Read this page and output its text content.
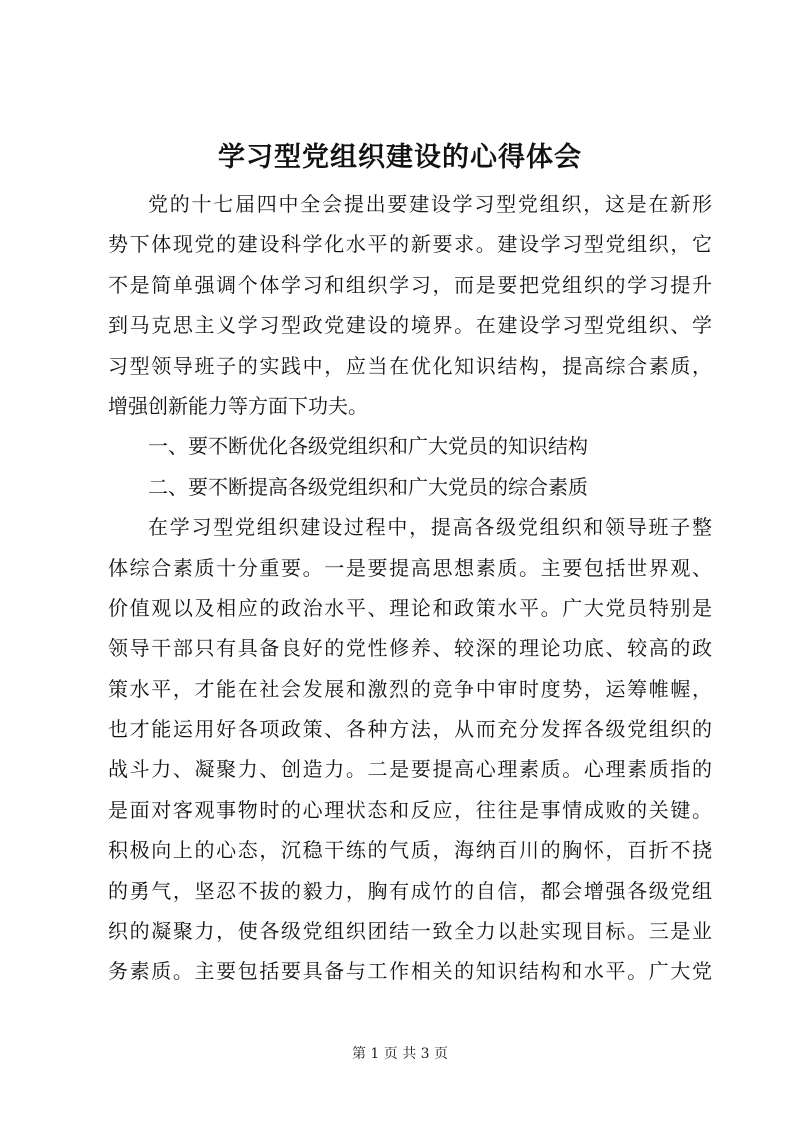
学习型党组织建设的心得体会
党的十七届四中全会提出要建设学习型党组织，这是在新形
势下体现党的建设科学化水平的新要求。建设学习型党组织，它
不是简单强调个体学习和组织学习，而是要把党组织的学习提升
到马克思主义学习型政党建设的境界。在建设学习型党组织、学
习型领导班子的实践中，应当在优化知识结构，提高综合素质，
增强创新能力等方面下功夫。
一、要不断优化各级党组织和广大党员的知识结构
二、要不断提高各级党组织和广大党员的综合素质
在学习型党组织建设过程中，提高各级党组织和领导班子整
体综合素质十分重要。一是要提高思想素质。主要包括世界观、
价值观以及相应的政治水平、理论和政策水平。广大党员特别是
领导干部只有具备良好的党性修养、较深的理论功底、较高的政
策水平，才能在社会发展和激烈的竞争中审时度势，运筹帷幄，
也才能运用好各项政策、各种方法，从而充分发挥各级党组织的
战斗力、凝聚力、创造力。二是要提高心理素质。心理素质指的
是面对客观事物时的心理状态和反应，往往是事情成败的关键。
积极向上的心态，沉稳干练的气质，海纳百川的胸怀，百折不挠
的勇气，坚忍不拔的毅力，胸有成竹的自信，都会增强各级党组
织的凝聚力，使各级党组织团结一致全力以赴实现目标。三是业
务素质。主要包括要具备与工作相关的知识结构和水平。广大党
第 1 页 共 3 页
